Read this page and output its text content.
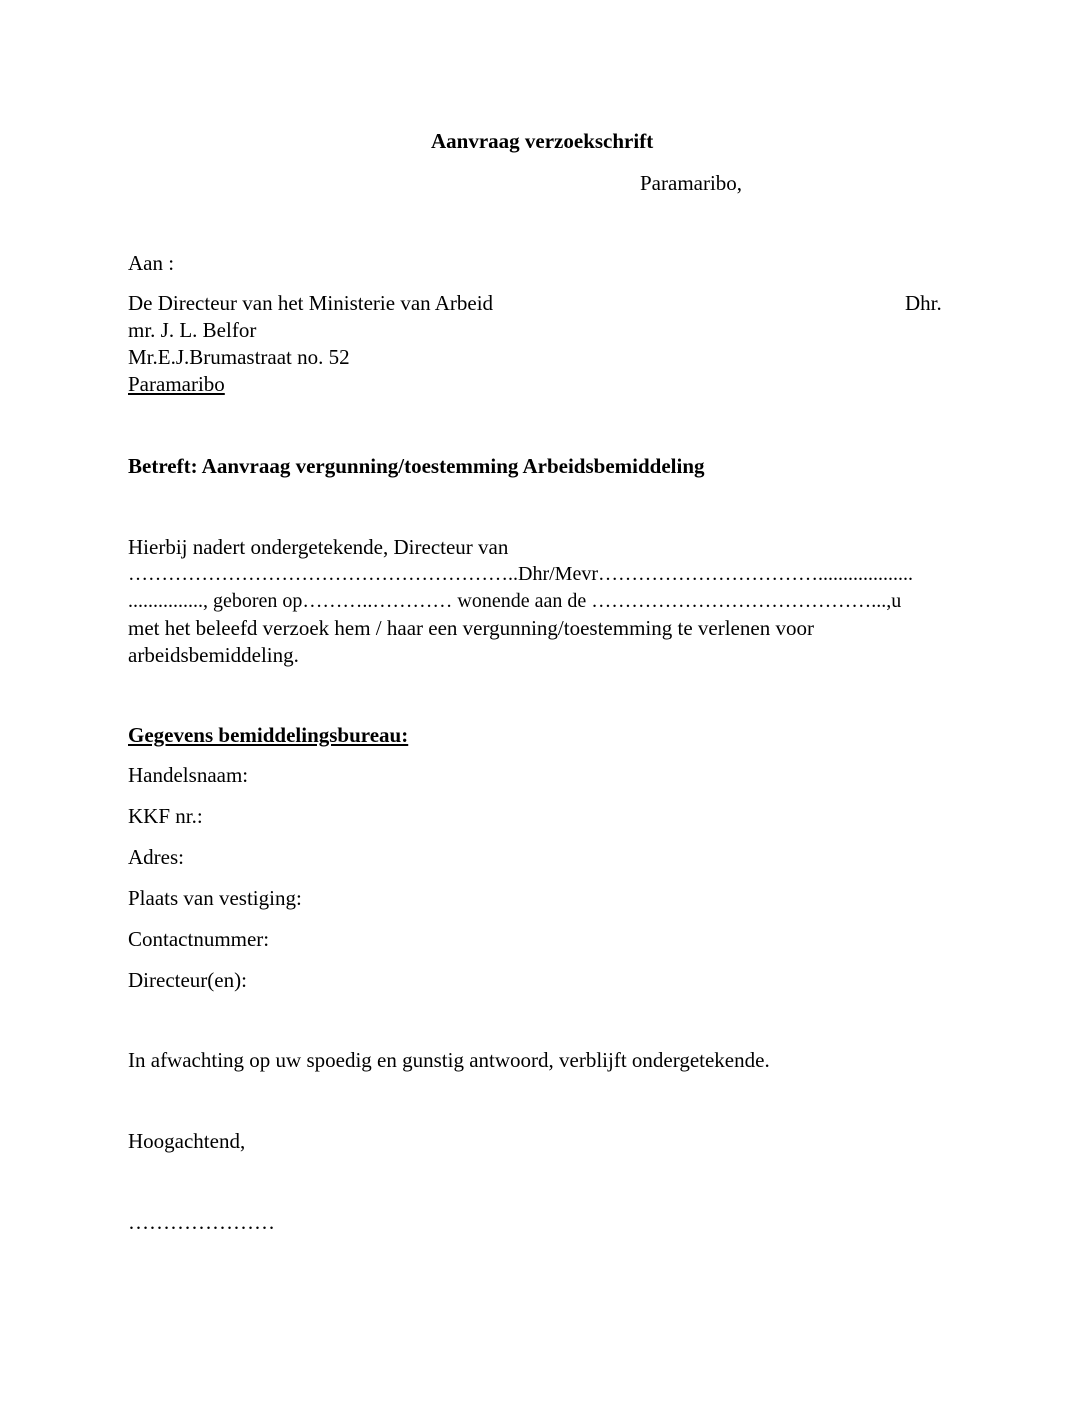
Aanvraag verzoekschrift
Paramaribo,
Aan :
De Directeur van het Ministerie van Arbeid	Dhr.
mr. J. L. Belfor
Mr.E.J.Brumastraat no. 52
Paramaribo
Betreft: Aanvraag vergunning/toestemming Arbeidsbemiddeling
Hierbij nadert ondergetekende, Directeur van
…………………………………………………..Dhr/Mevr……………………………...................
..............., geboren op………..………… wonende aan de ……………………………………...,u
met het beleefd verzoek hem / haar een vergunning/toestemming te verlenen voor
arbeidsbemiddeling.
Gegevens bemiddelingsbureau:
Handelsnaam:
KKF nr.:
Adres:
Plaats van vestiging:
Contactnummer:
Directeur(en):
In afwachting op uw spoedig en gunstig antwoord, verblijft ondergetekende.
Hoogachtend,
…………………
